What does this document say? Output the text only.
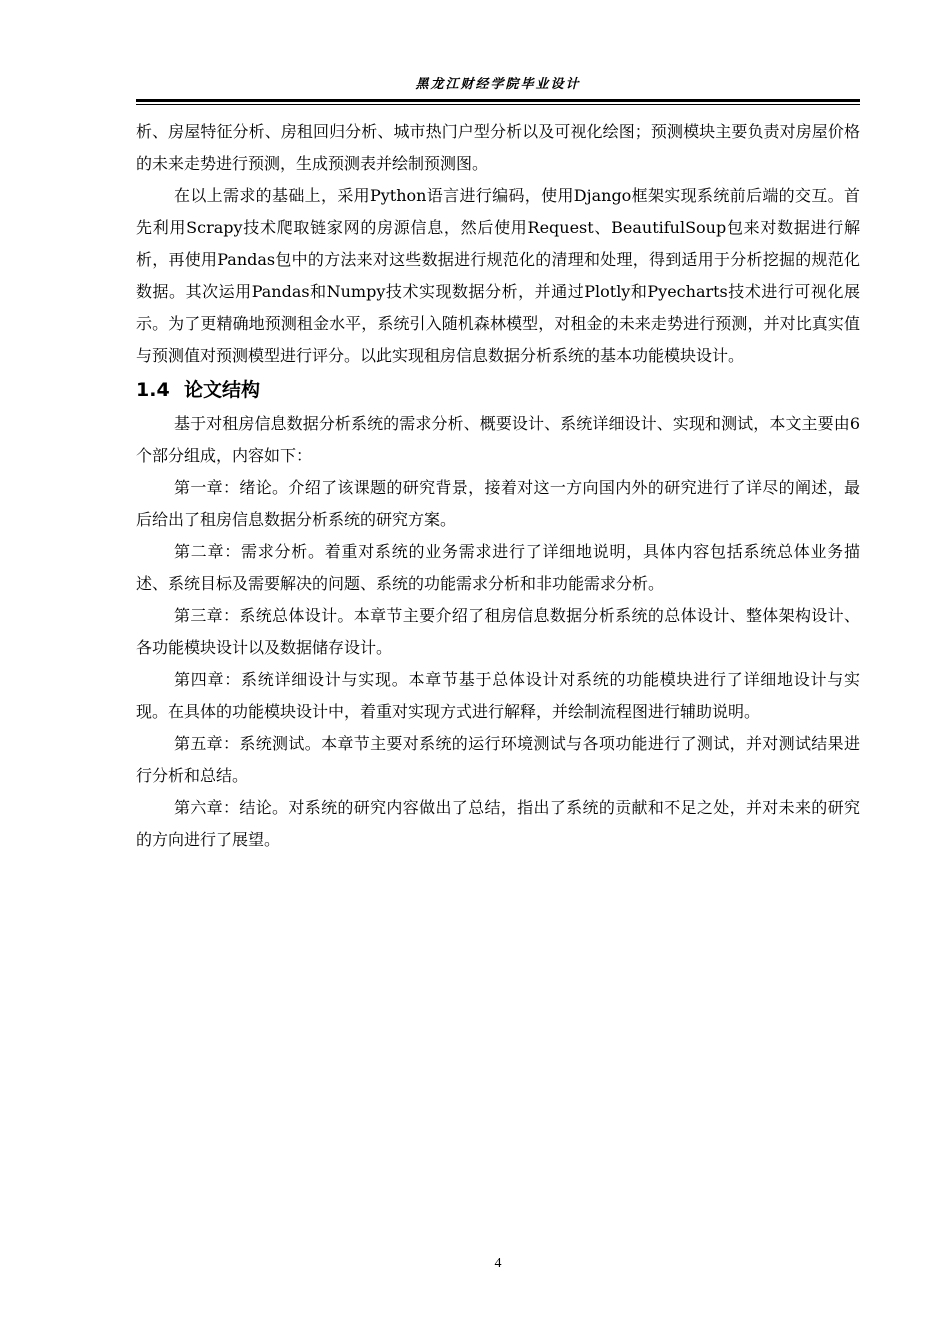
黑龙江财经学院毕业设计

析、房屋特征分析、房租回归分析、城市热门户型分析以及可视化绘图；预测模块主要负责对房屋价格的未来走势进行预测，生成预测表并绘制预测图。

在以上需求的基础上，采用Python语言进行编码，使用Django框架实现系统前后端的交互。首先利用Scrapy技术爬取链家网的房源信息，然后使用Request、BeautifulSoup包来对数据进行解析，再使用Pandas包中的方法来对这些数据进行规范化的清理和处理，得到适用于分析挖掘的规范化数据。其次运用Pandas和Numpy技术实现数据分析，并通过Plotly和Pyecharts技术进行可视化展示。为了更精确地预测租金水平，系统引入随机森林模型，对租金的未来走势进行预测，并对比真实值与预测值对预测模型进行评分。以此实现租房信息数据分析系统的基本功能模块设计。

1.4 论文结构

基于对租房信息数据分析系统的需求分析、概要设计、系统详细设计、实现和测试，本文主要由6个部分组成，内容如下：

第一章：绪论。介绍了该课题的研究背景，接着对这一方向国内外的研究进行了详尽的阐述，最后给出了租房信息数据分析系统的研究方案。

第二章：需求分析。着重对系统的业务需求进行了详细地说明，具体内容包括系统总体业务描述、系统目标及需要解决的问题、系统的功能需求分析和非功能需求分析。

第三章：系统总体设计。本章节主要介绍了租房信息数据分析系统的总体设计、整体架构设计、各功能模块设计以及数据储存设计。

第四章：系统详细设计与实现。本章节基于总体设计对系统的功能模块进行了详细地设计与实现。在具体的功能模块设计中，着重对实现方式进行解释，并绘制流程图进行辅助说明。

第五章：系统测试。本章节主要对系统的运行环境测试与各项功能进行了测试，并对测试结果进行分析和总结。

第六章：结论。对系统的研究内容做出了总结，指出了系统的贡献和不足之处，并对未来的研究的方向进行了展望。

4
